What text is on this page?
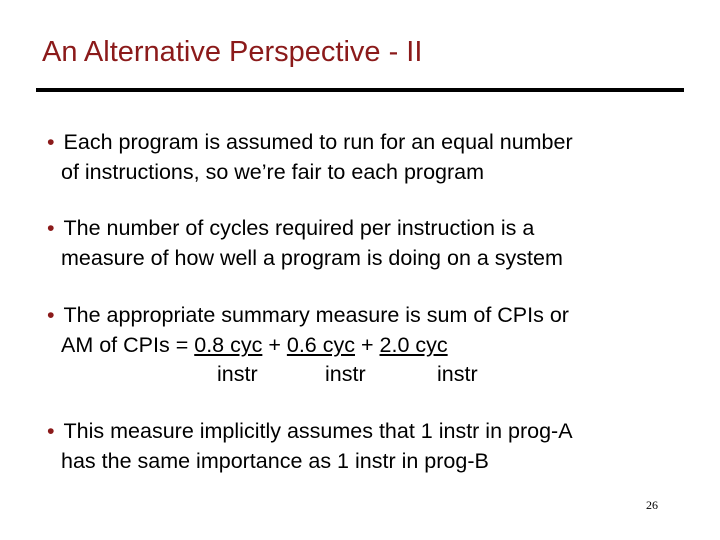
An Alternative Perspective - II
• Each program is assumed to run for an equal number
of instructions, so we’re fair to each program
• The number of cycles required per instruction is a
measure of how well a program is doing on a system
• The appropriate summary measure is sum of CPIs or
AM of CPIs = 0.8 cyc + 0.6 cyc + 2.0 cyc
instr	instr	instr
• This measure implicitly assumes that 1 instr in prog-A
has the same importance as 1 instr in prog-B
26
